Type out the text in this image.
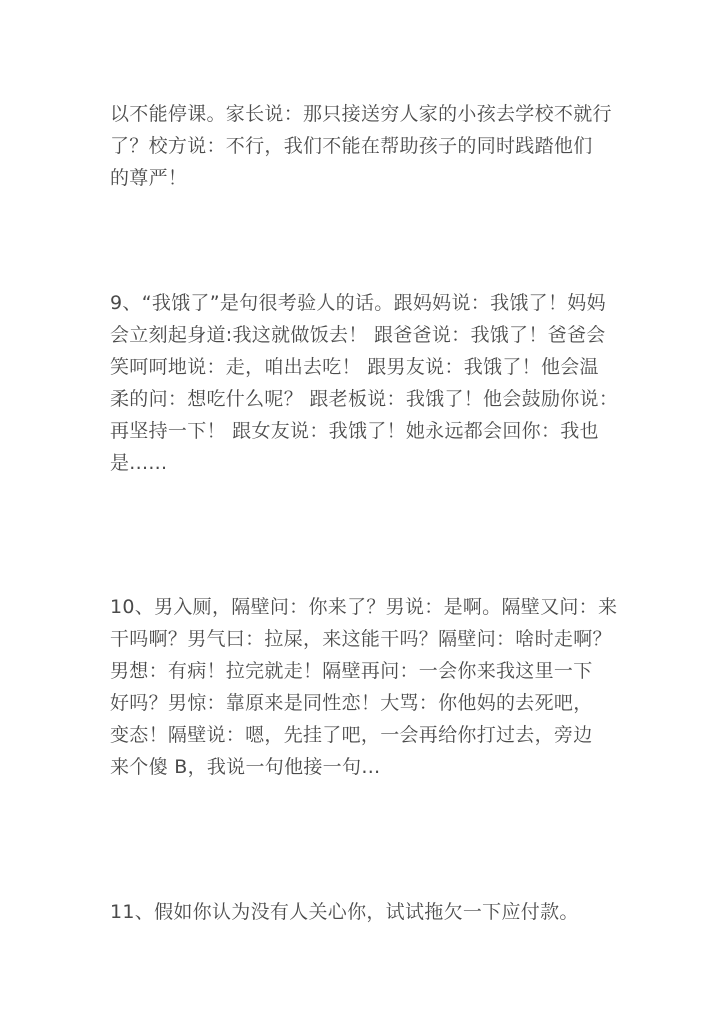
以不能停课。家长说：那只接送穷人家的小孩去学校不就行
了？校方说：不行，我们不能在帮助孩子的同时践踏他们
的尊严！
9、“我饿了”是句很考验人的话。跟妈妈说：我饿了！妈妈
会立刻起身道:我这就做饭去！ 跟爸爸说：我饿了！爸爸会
笑呵呵地说：走，咱出去吃！ 跟男友说：我饿了！他会温
柔的问：想吃什么呢？ 跟老板说：我饿了！他会鼓励你说：
再坚持一下！ 跟女友说：我饿了！她永远都会回你：我也
是......
10、男入厕，隔壁问：你来了？男说：是啊。隔壁又问：来
干吗啊？男气曰：拉屎，来这能干吗？隔壁问：啥时走啊？
男想：有病！拉完就走！隔壁再问：一会你来我这里一下
好吗？男惊：靠原来是同性恋！大骂：你他妈的去死吧，
变态！隔壁说：嗯，先挂了吧，一会再给你打过去，旁边
来个傻 B，我说一句他接一句…
11、假如你认为没有人关心你，试试拖欠一下应付款。
